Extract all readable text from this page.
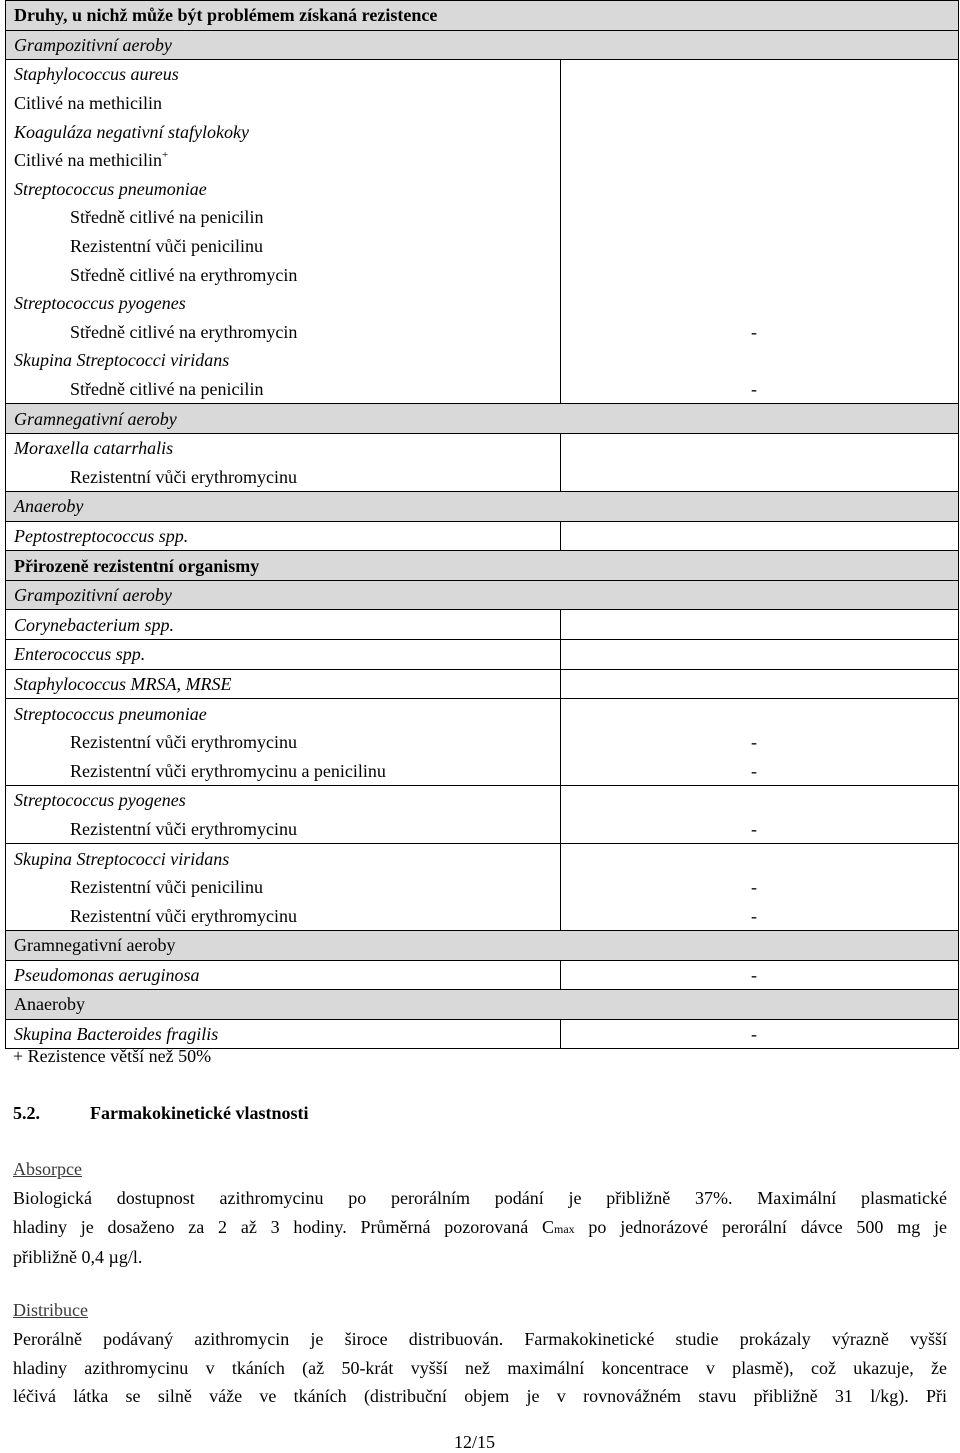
Druhy, u nichž může být problémem získaná rezistence	
Grampozitivní aeroby	
Staphylococcus aureus	
Citlivé na methicilin	
Koaguláza negativní stafylokoky	
Citlivé na methicilin+
Streptococcus pneumoniae	
Středně citlivé na penicilin	
Rezistentní vůči penicilinu	
Středně citlivé na erythromycin	
Streptococcus pyogenes	
Středně citlivé na erythromycin	-
Skupina Streptococci viridans	
Středně citlivé na penicilin	-
Gramnegativní aeroby	
Moraxella catarrhalis	
Rezistentní vůči erythromycinu	
Anaeroby	
Peptostreptococcus spp.	
Přirozeně rezistentní organismy	
Grampozitivní aeroby	
Corynebacterium spp.	
Enterococcus spp.	
Staphylococcus MRSA, MRSE	
Streptococcus pneumoniae	
Rezistentní vůči erythromycinu	-
Rezistentní vůči erythromycinu a penicilinu	-
Streptococcus pyogenes	
Rezistentní vůči erythromycinu	-
Skupina Streptococci viridans	
Rezistentní vůči penicilinu	-
Rezistentní vůči erythromycinu	-
Gramnegativní aeroby	
Pseudomonas aeruginosa	-
Anaeroby	
Skupina Bacteroides fragilis	-
+ Rezistence větší než 50%
5.2.	Farmakokinetické vlastnosti
Absorpce
Biologická dostupnost azithromycinu po perorálním podání je přibližně 37%. Maximální plasmatické
hladiny je dosaženo za 2 až 3 hodiny. Průměrná pozorovaná Cmax po jednorázové perorální dávce 500 mg je
přibližně 0,4 µg/l.
Distribuce
Perorálně podávaný azithromycin je široce distribuován. Farmakokinetické studie prokázaly výrazně vyšší
hladiny azithromycinu v tkáních (až 50-krát vyšší než maximální koncentrace v plasmě), což ukazuje, že
léčivá látka se silně váže ve tkáních (distribuční objem je v rovnovážném stavu přibližně 31 l/kg). Při
12/15
